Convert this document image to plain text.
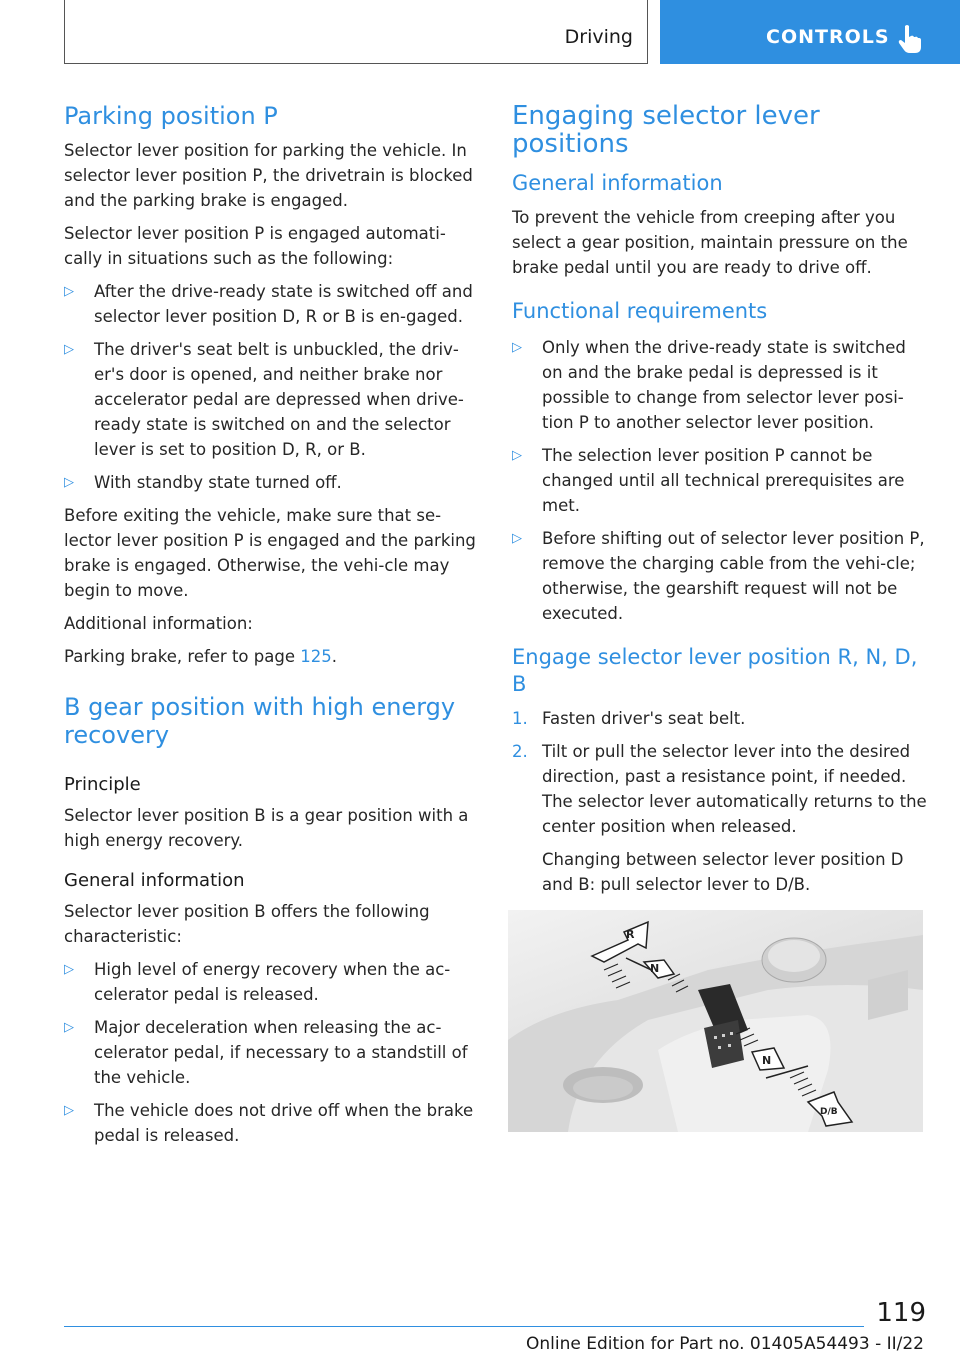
Driving	CONTROLS
Parking position P

Selector lever position for parking the vehicle. In selector lever position P, the drivetrain is blocked and the parking brake is engaged.

Selector lever position P is engaged automati‐cally in situations such as the following:

▷ After the drive-ready state is switched off and selector lever position D, R or B is en‐gaged.
▷ The driver's seat belt is unbuckled, the driv‐er's door is opened, and neither brake nor accelerator pedal are depressed when drive-ready state is switched on and the selector lever is set to position D, R, or B.
▷ With standby state turned off.

Before exiting the vehicle, make sure that se‐lector lever position P is engaged and the parking brake is engaged. Otherwise, the vehi‐cle may begin to move.

Additional information:

Parking brake, refer to page 125.

B gear position with high energy recovery
Principle

Selector lever position B is a gear position with a high energy recovery.

General information

Selector lever position B offers the following characteristic:

▷ High level of energy recovery when the ac‐celerator pedal is released.
▷ Major deceleration when releasing the ac‐celerator pedal, if necessary to a standstill of the vehicle.
▷ The vehicle does not drive off when the brake pedal is released.
Engaging selector lever positions
General information

To prevent the vehicle from creeping after you select a gear position, maintain pressure on the brake pedal until you are ready to drive off.

Functional requirements
▷ Only when the drive-ready state is switched on and the brake pedal is depressed is it possible to change from selector lever posi‐tion P to another selector lever position.
▷ The selection lever position P cannot be changed until all technical prerequisites are met.
▷ Before shifting out of selector lever position P, remove the charging cable from the vehi‐cle; otherwise, the gearshift request will not be executed.
Engage selector lever position R, N, D, B
1. Fasten driver's seat belt.
2. Tilt or pull the selector lever into the desired direction, past a resistance point, if needed. The selector lever automatically returns to the center position when released.

Changing between selector lever position D and B: pull selector lever to D/B.

R
N
N
D/B
119
Online Edition for Part no. 01405A54493 - II/22
